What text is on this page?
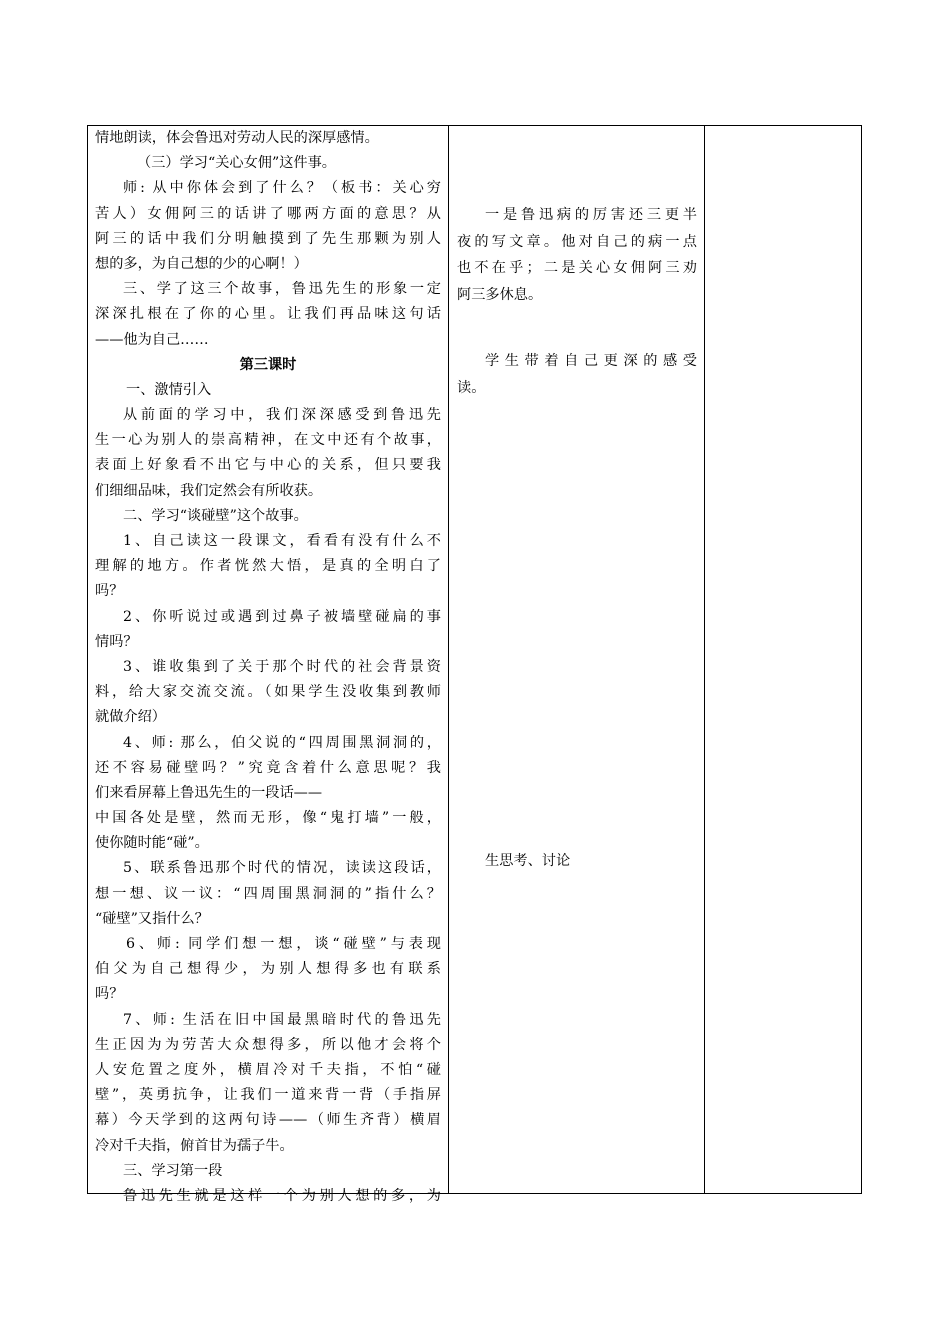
情地朗读，体会鲁迅对劳动人民的深厚感情。
（三）学习“关心女佣”这件事。
师: 从中你体会到了什么？（板书：关心穷
苦人）女佣阿三的话讲了哪两方面的意思？从
阿三的话中我们分明触摸到了先生那颗为别人
想的多，为自己想的少的心啊！）
三、学了这三个故事，鲁迅先生的形象一定
深深扎根在了你的心里。让我们再品味这句话
——他为自己……
第三课时
一、激情引入
从前面的学习中，我们深深感受到鲁迅先
生一心为别人的崇高精神，在文中还有个故事，
表面上好象看不出它与中心的关系，但只要我
们细细品味，我们定然会有所收获。
二、学习“谈碰壁”这个故事。
1、自己读这一段课文，看看有没有什么不
理解的地方。作者恍然大悟，是真的全明白了
吗？
2、你听说过或遇到过鼻子被墙壁碰扁的事
情吗？
3、谁收集到了关于那个时代的社会背景资
料，给大家交流交流。（如果学生没收集到教师
就做介绍）
4、师: 那么，伯父说的“四周围黑洞洞的，
还不容易碰壁吗？”究竟含着什么意思呢？我
们来看屏幕上鲁迅先生的一段话——
中国各处是壁，然而无形，像“鬼打墙”一般，
使你随时能“碰”。
5、联系鲁迅那个时代的情况，读读这段话，
想一想、议一议：“四周围黑洞洞的”指什么？
“碰壁”又指什么？
6、师: 同学们想一想，谈“碰壁”与表现
伯父为自己想得少，为别人想得多也有联系
吗？
7、师: 生活在旧中国最黑暗时代的鲁迅先
生正因为为劳苦大众想得多，所以他才会将个
人安危置之度外，横眉冷对千夫指，不怕“碰
壁”，英勇抗争，让我们一道来背一背（手指屏
幕）今天学到的这两句诗——（师生齐背）横眉
冷对千夫指，俯首甘为孺子牛。
三、学习第一段
鲁迅先生就是这样一个为别人想的多，为
一是鲁迅病的厉害还三更半
夜的写文章。他对自己的病一点
也不在乎；二是关心女佣阿三劝
阿三多休息。
学生带着自己更深的感受
读。
生思考、讨论
